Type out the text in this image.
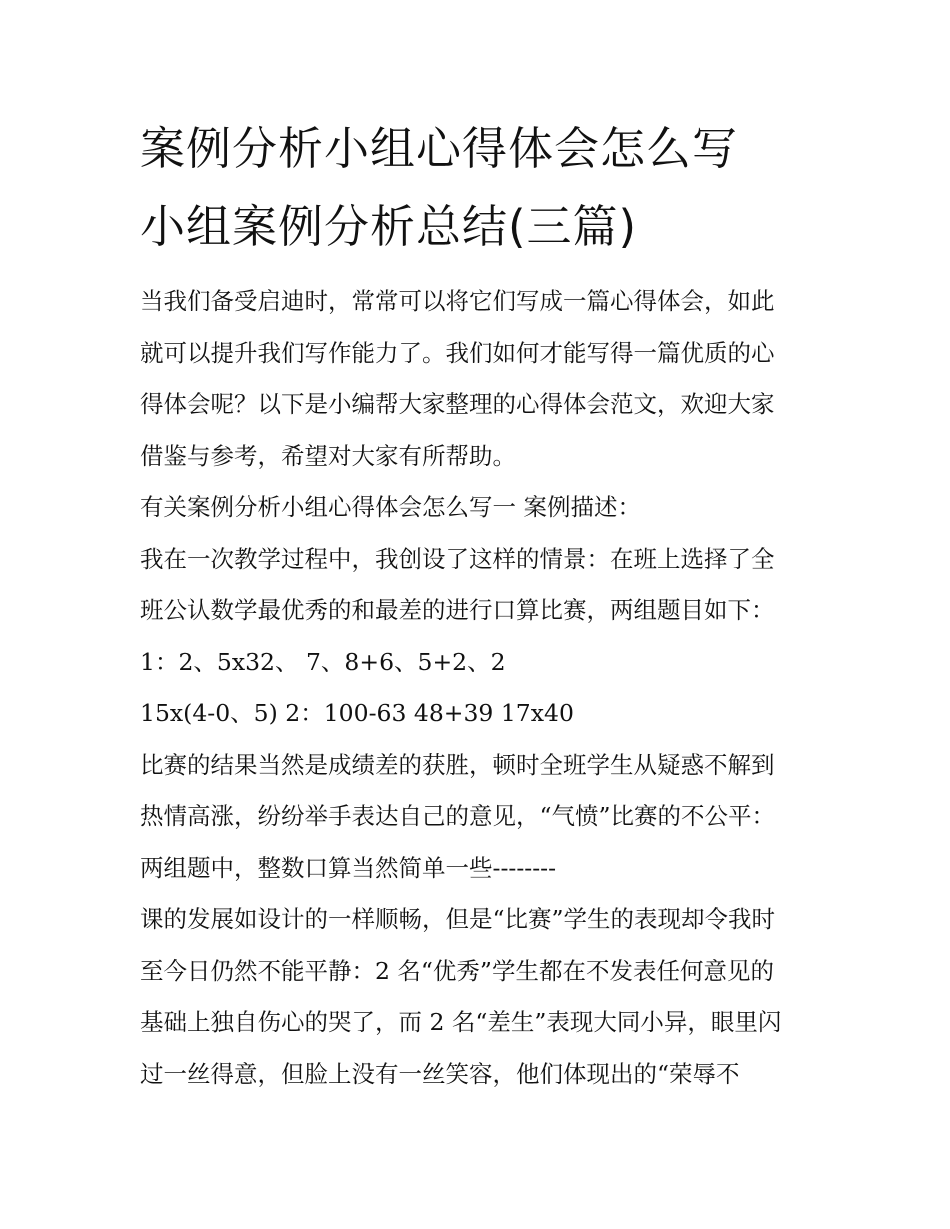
案例分析小组心得体会怎么写
小组案例分析总结(三篇)

当我们备受启迪时，常常可以将它们写成一篇心得体会，如此

就可以提升我们写作能力了。我们如何才能写得一篇优质的心

得体会呢？以下是小编帮大家整理的心得体会范文，欢迎大家

借鉴与参考，希望对大家有所帮助。

有关案例分析小组心得体会怎么写一 案例描述：

我在一次教学过程中，我创设了这样的情景：在班上选择了全

班公认数学最优秀的和最差的进行口算比赛，两组题目如下：

1：2、5x32、 7、8+6、5+2、2

15x(4-0、5) 2：100-63 48+39 17x40

比赛的结果当然是成绩差的获胜，顿时全班学生从疑惑不解到

热情高涨，纷纷举手表达自己的意见，“气愤”比赛的不公平：

两组题中，整数口算当然简单一些--------

课的发展如设计的一样顺畅，但是“比赛”学生的表现却令我时

至今日仍然不能平静：2 名“优秀”学生都在不发表任何意见的

基础上独自伤心的哭了，而 2 名“差生”表现大同小异，眼里闪

过一丝得意，但脸上没有一丝笑容，他们体现出的“荣辱不
